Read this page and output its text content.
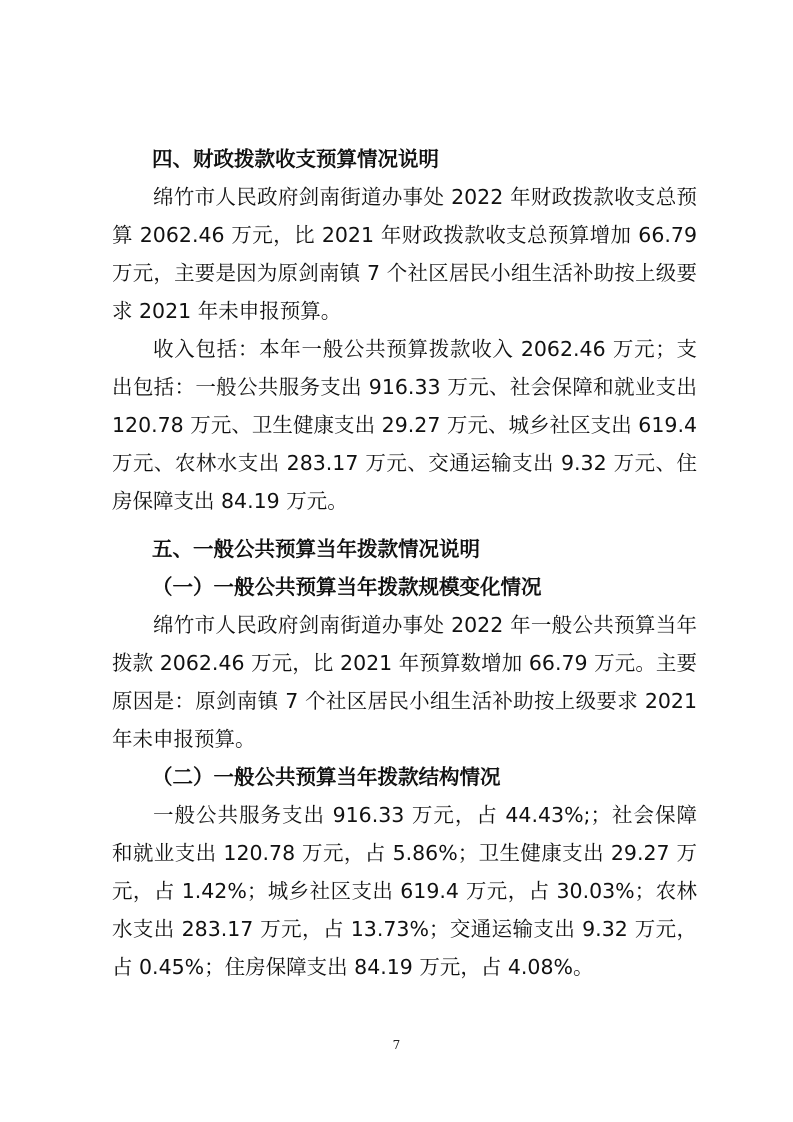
四、财政拨款收支预算情况说明

绵竹市人民政府剑南街道办事处 2022 年财政拨款收支总预算 2062.46 万元，比 2021 年财政拨款收支总预算增加 66.79 万元，主要是因为原剑南镇 7 个社区居民小组生活补助按上级要求 2021 年未申报预算。

收入包括：本年一般公共预算拨款收入 2062.46 万元；支出包括：一般公共服务支出 916.33 万元、社会保障和就业支出 120.78 万元、卫生健康支出 29.27 万元、城乡社区支出 619.4 万元、农林水支出 283.17 万元、交通运输支出 9.32 万元、住房保障支出 84.19 万元。

五、一般公共预算当年拨款情况说明

（一）一般公共预算当年拨款规模变化情况

绵竹市人民政府剑南街道办事处 2022 年一般公共预算当年拨款 2062.46 万元，比 2021 年预算数增加 66.79 万元。主要原因是：原剑南镇 7 个社区居民小组生活补助按上级要求 2021 年未申报预算。

（二）一般公共预算当年拨款结构情况

一般公共服务支出 916.33 万元，占 44.43%;；社会保障和就业支出 120.78 万元，占 5.86%；卫生健康支出 29.27 万元，占 1.42%；城乡社区支出 619.4 万元，占 30.03%；农林水支出 283.17 万元，占 13.73%；交通运输支出 9.32 万元，占 0.45%；住房保障支出 84.19 万元，占 4.08%。

7
